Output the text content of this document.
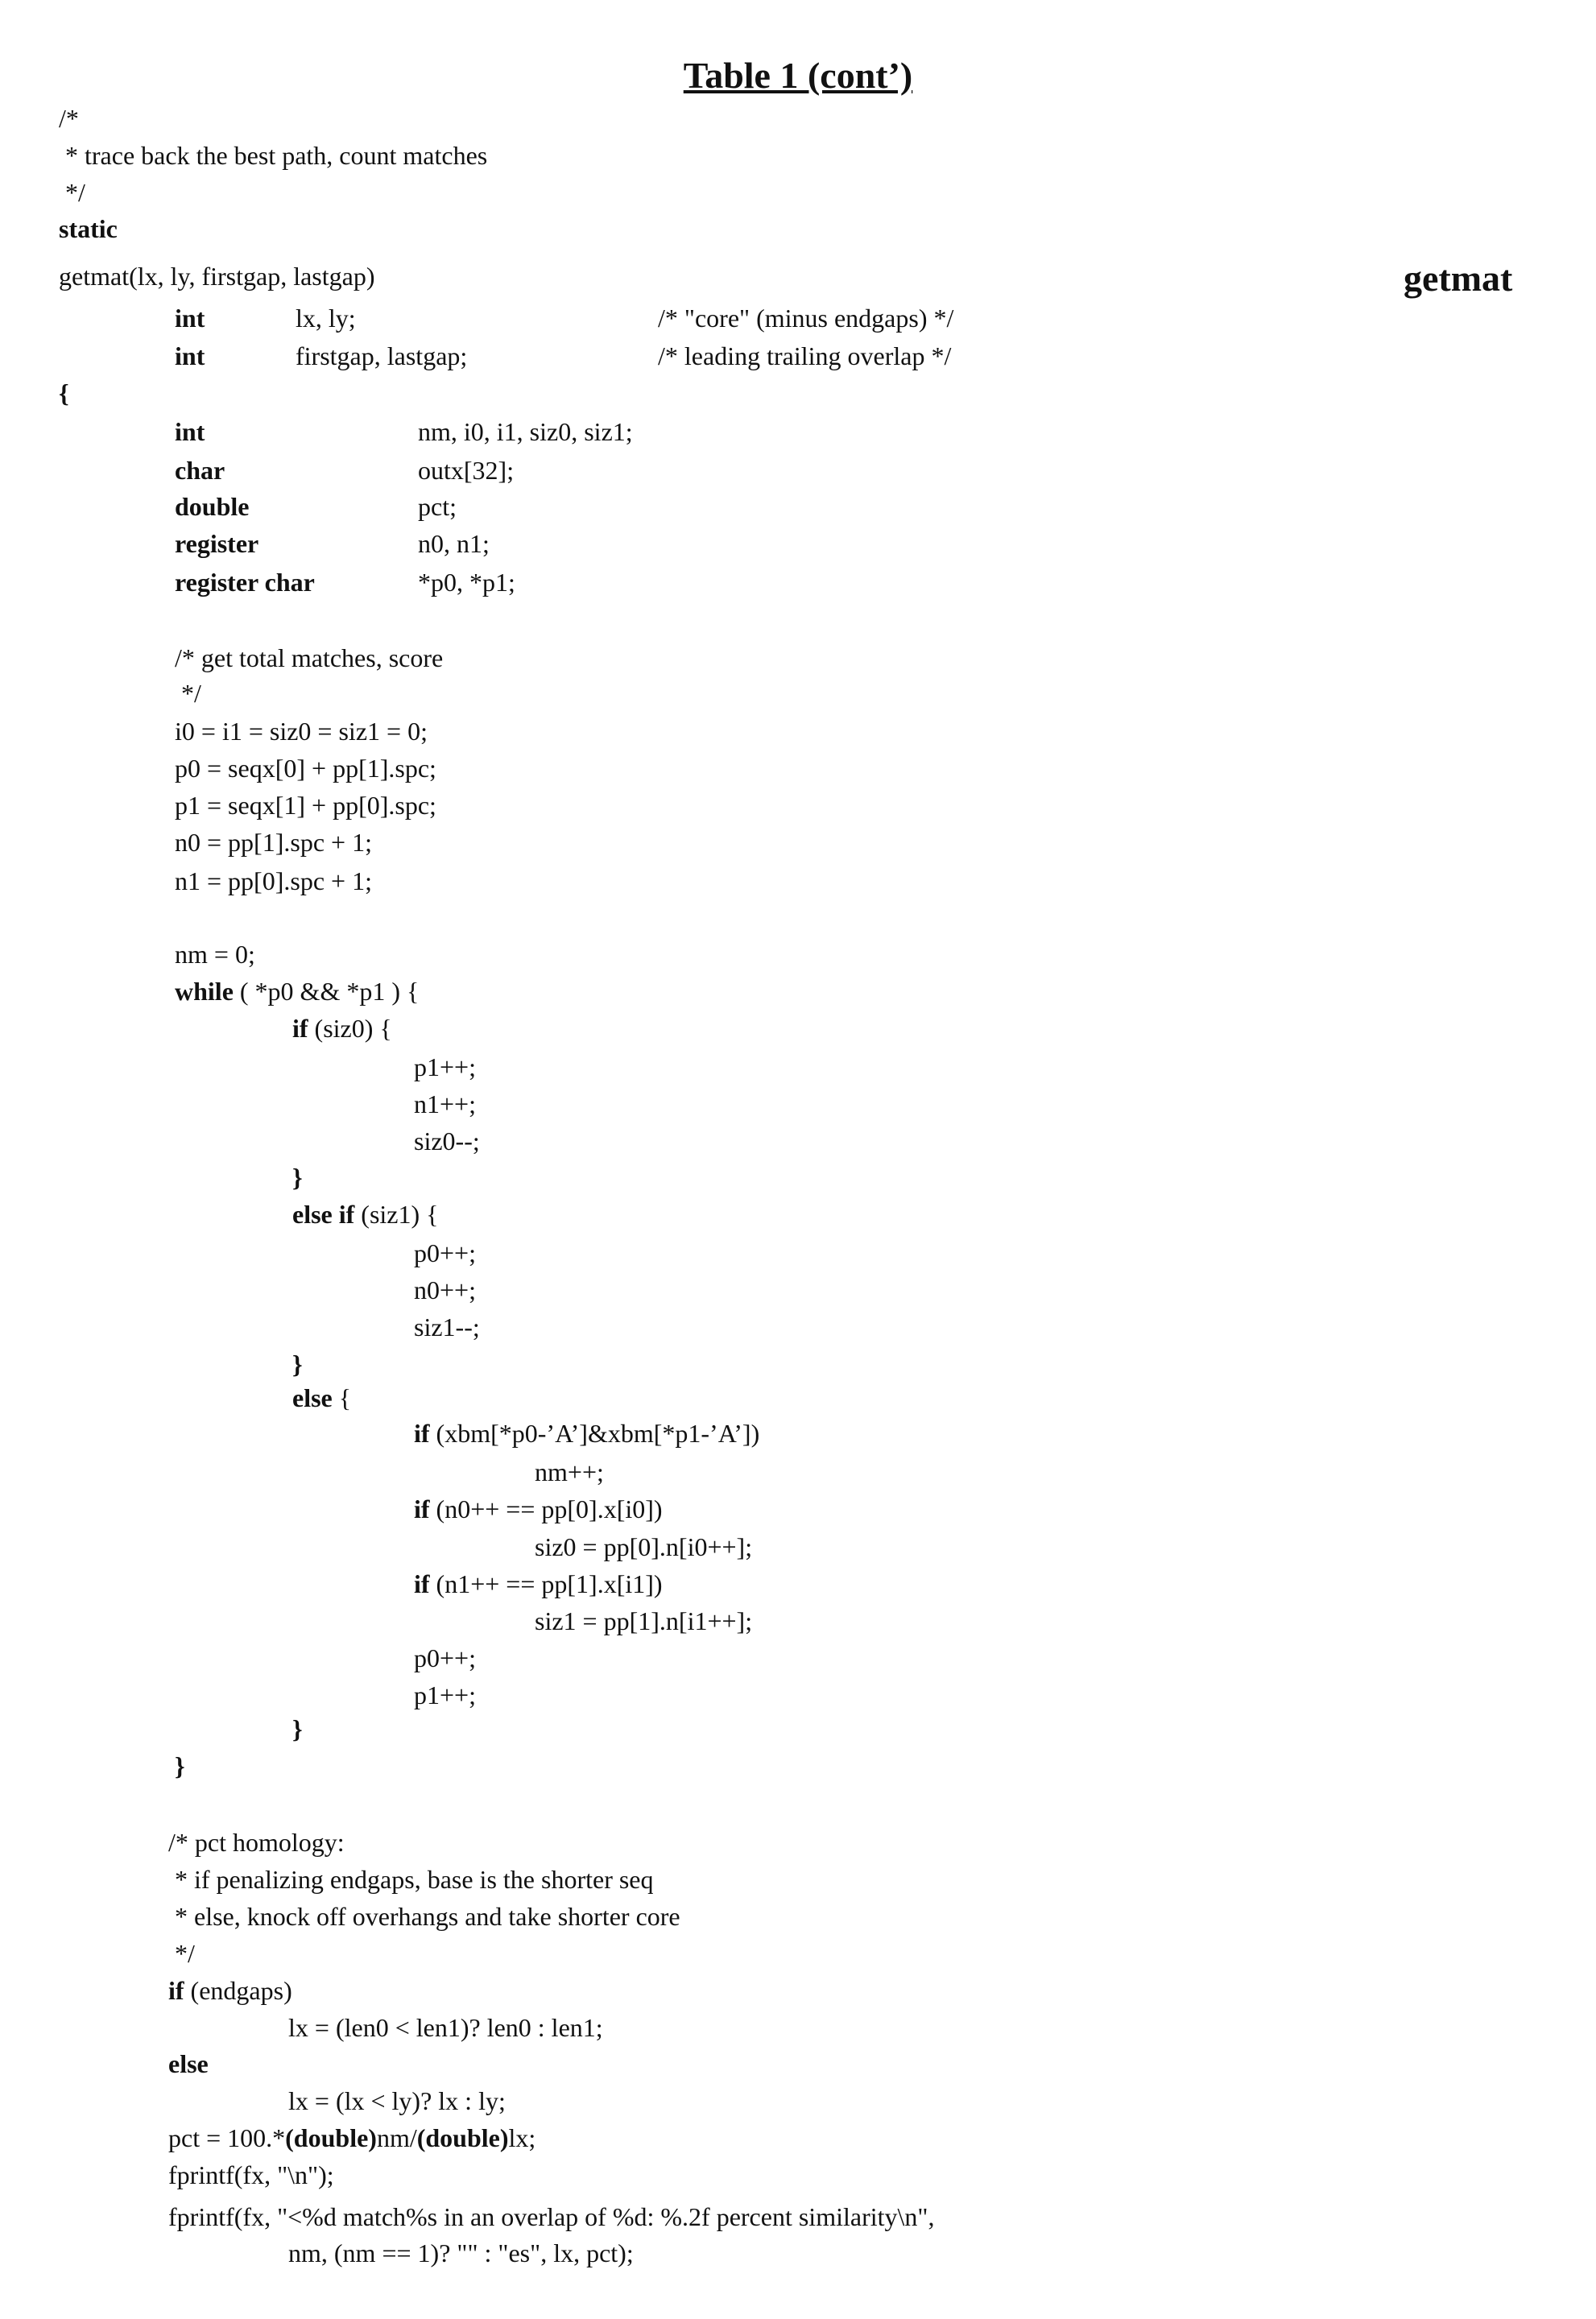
Table 1 (cont’)
getmat
/*
* trace back the best path, count matches
*/
static
getmat(lx, ly, firstgap, lastgap)
int	lx, ly;	/* "core" (minus endgaps) */
int	firstgap, lastgap;	/* leading trailing overlap */
{
int	nm, i0, i1, siz0, siz1;
char	outx[32];
double	pct;
register	n0, n1;
register char	*p0, *p1;
/* get total matches, score
*/
i0 = i1 = siz0 = siz1 = 0;
p0 = seqx[0] + pp[1].spc;
p1 = seqx[1] + pp[0].spc;
n0 = pp[1].spc + 1;
n1 = pp[0].spc + 1;
nm = 0;
while ( *p0 && *p1 ) {
if (siz0) {
p1++;
n1++;
siz0--;
}
else if (siz1) {
p0++;
n0++;
siz1--;
}
else {
if (xbm[*p0-’A’]&xbm[*p1-’A’])
nm++;
if (n0++ == pp[0].x[i0])
siz0 = pp[0].n[i0++];
if (n1++ == pp[1].x[i1])
siz1 = pp[1].n[i1++];
p0++;
p1++;
}
}
/* pct homology:
* if penalizing endgaps, base is the shorter seq
* else, knock off overhangs and take shorter core
*/
if (endgaps)
lx = (len0 < len1)? len0 : len1;
else
lx = (lx < ly)? lx : ly;
pct = 100.*(double)nm/(double)lx;
fprintf(fx, "\n");
fprintf(fx, "<%d match%s in an overlap of %d: %.2f percent similarity\n",
nm, (nm == 1)? "" : "es", lx, pct);
